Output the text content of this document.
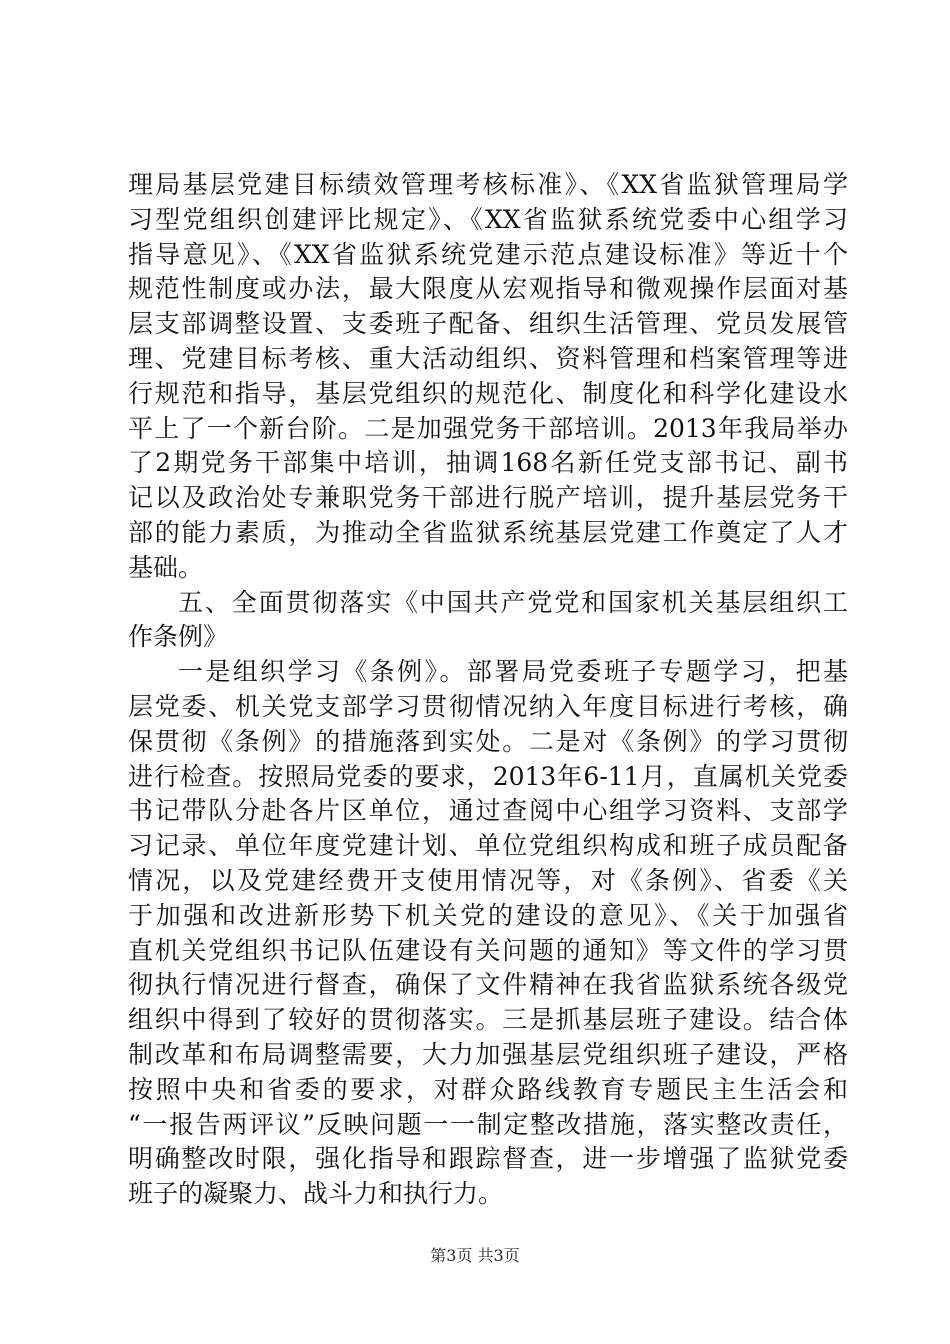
理局基层党建目标绩效管理考核标准》、《XX省监狱管理局学
习型党组织创建评比规定》、《XX省监狱系统党委中心组学习
指导意见》、《XX省监狱系统党建示范点建设标准》等近十个
规范性制度或办法，最大限度从宏观指导和微观操作层面对基
层支部调整设置、支委班子配备、组织生活管理、党员发展管
理、党建目标考核、重大活动组织、资料管理和档案管理等进
行规范和指导，基层党组织的规范化、制度化和科学化建设水
平上了一个新台阶。二是加强党务干部培训。2013年我局举办
了2期党务干部集中培训，抽调168名新任党支部书记、副书
记以及政治处专兼职党务干部进行脱产培训，提升基层党务干
部的能力素质，为推动全省监狱系统基层党建工作奠定了人才
基础。
五、全面贯彻落实《中国共产党党和国家机关基层组织工
作条例》
一是组织学习《条例》。部署局党委班子专题学习，把基
层党委、机关党支部学习贯彻情况纳入年度目标进行考核，确
保贯彻《条例》的措施落到实处。二是对《条例》的学习贯彻
进行检查。按照局党委的要求，2013年6-11月，直属机关党委
书记带队分赴各片区单位，通过查阅中心组学习资料、支部学
习记录、单位年度党建计划、单位党组织构成和班子成员配备
情况，以及党建经费开支使用情况等，对《条例》、省委《关
于加强和改进新形势下机关党的建设的意见》、《关于加强省
直机关党组织书记队伍建设有关问题的通知》等文件的学习贯
彻执行情况进行督查，确保了文件精神在我省监狱系统各级党
组织中得到了较好的贯彻落实。三是抓基层班子建设。结合体
制改革和布局调整需要，大力加强基层党组织班子建设，严格
按照中央和省委的要求，对群众路线教育专题民主生活会和
“一报告两评议”反映问题一一制定整改措施，落实整改责任，
明确整改时限，强化指导和跟踪督查，进一步增强了监狱党委
班子的凝聚力、战斗力和执行力。
第3页 共3页
